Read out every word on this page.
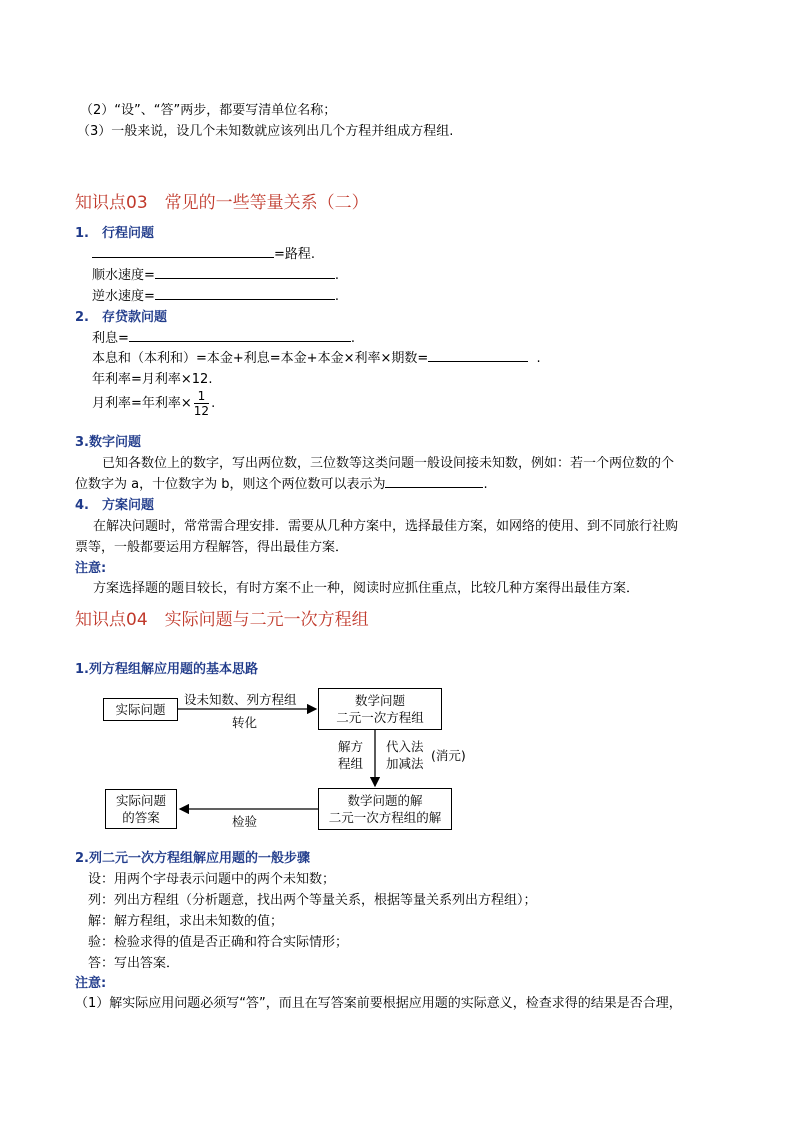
（2）“设”、“答”两步，都要写清单位名称；
（3）一般来说，设几个未知数就应该列出几个方程并组成方程组.
知识点03　常见的一些等量关系（二）
1.　行程问题
=路程.
顺水速度=	.
逆水速度=	.
2.　存贷款问题
利息=	.
本息和（本利和）=本金+利息=本金+本金×利率×期数=	.
年利率=月利率×12.
月利率=年利率× $\frac{1}{12}$ .
3.数字问题
已知各数位上的数字，写出两位数，三位数等这类问题一般设间接未知数，例如：若一个两位数的个
位数字为 a，十位数字为 b，则这个两位数可以表示为	.
4.　方案问题
在解决问题时，常常需合理安排．需要从几种方案中，选择最佳方案，如网络的使用、到不同旅行社购
票等，一般都要运用方程解答，得出最佳方案．
注意:
方案选择题的题目较长，有时方案不止一种，阅读时应抓住重点，比较几种方案得出最佳方案．
知识点04　实际问题与二元一次方程组
1.列方程组解应用题的基本思路
实际问题
数学问题
二元一次方程组
数学问题的解
二元一次方程组的解
实际问题
的答案
设未知数、列方程组
转化
解方
程组
代入法
加减法
(消元)
检验
2.列二元一次方程组解应用题的一般步骤
设：用两个字母表示问题中的两个未知数；
列：列出方程组（分析题意，找出两个等量关系，根据等量关系列出方程组）；
解：解方程组，求出未知数的值；
验：检验求得的值是否正确和符合实际情形；
答：写出答案．
注意:
（1）解实际应用问题必须写“答”，而且在写答案前要根据应用题的实际意义，检查求得的结果是否合理，
